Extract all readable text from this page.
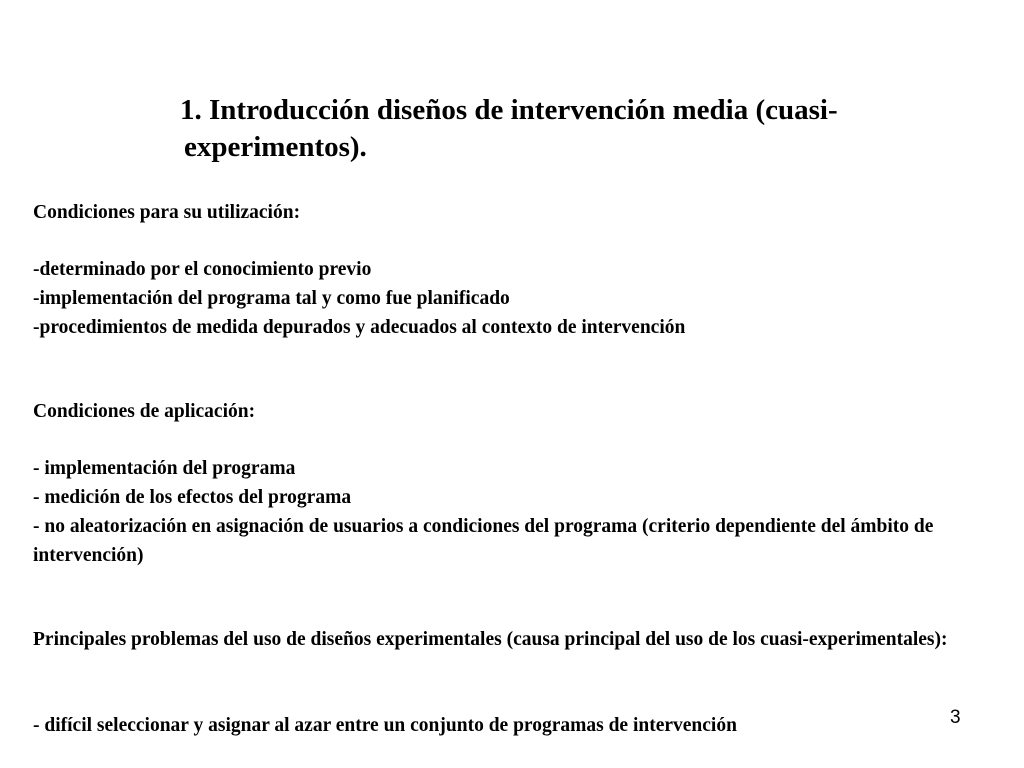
1. Introducción diseños de intervención media (cuasi-
experimentos).

Condiciones para su utilización:

-determinado por el conocimiento previo

-implementación del programa tal y como fue planificado

-procedimientos de medida depurados y adecuados al contexto de intervención

Condiciones de aplicación:

- implementación del programa

- medición de los efectos del programa

- no aleatorización en asignación de usuarios a condiciones del programa (criterio dependiente del ámbito de intervención)

Principales problemas del uso de diseños experimentales (causa principal del uso de los cuasi-experimentales):

- difícil seleccionar y asignar al azar entre un conjunto de programas de intervención	3
